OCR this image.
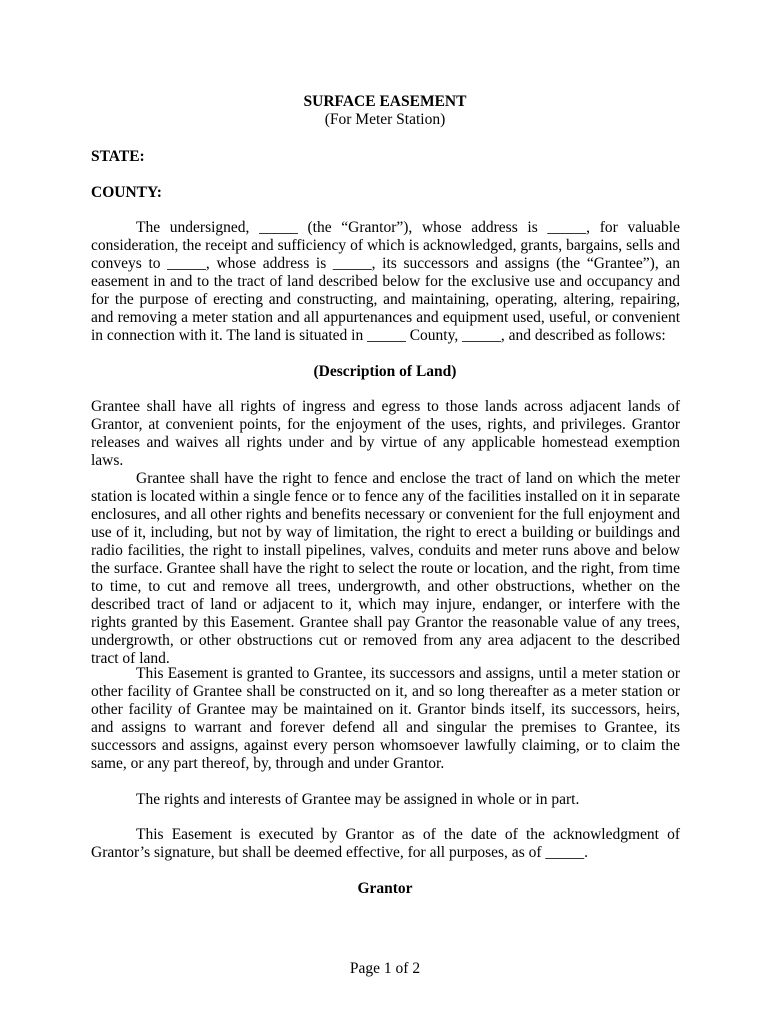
SURFACE EASEMENT
(For Meter Station)
STATE:
COUNTY:

The undersigned, _____ (the “Grantor”), whose address is _____, for valuable consideration, the receipt and sufficiency of which is acknowledged, grants, bargains, sells and conveys to _____, whose address is _____, its successors and assigns (the “Grantee”), an easement in and to the tract of land described below for the exclusive use and occupancy and for the purpose of erecting and constructing, and maintaining, operating, altering, repairing, and removing a meter station and all appurtenances and equipment used, useful, or convenient in connection with it. The land is situated in _____ County, _____, and described as follows:

(Description of Land)

Grantee shall have all rights of ingress and egress to those lands across adjacent lands of Grantor, at convenient points, for the enjoyment of the uses, rights, and privileges. Grantor releases and waives all rights under and by virtue of any applicable homestead exemption laws.

Grantee shall have the right to fence and enclose the tract of land on which the meter station is located within a single fence or to fence any of the facilities installed on it in separate enclosures, and all other rights and benefits necessary or convenient for the full enjoyment and use of it, including, but not by way of limitation, the right to erect a building or buildings and radio facilities, the right to install pipelines, valves, conduits and meter runs above and below the surface. Grantee shall have the right to select the route or location, and the right, from time to time, to cut and remove all trees, undergrowth, and other obstructions, whether on the described tract of land or adjacent to it, which may injure, endanger, or interfere with the rights granted by this Easement. Grantee shall pay Grantor the reasonable value of any trees, undergrowth, or other obstructions cut or removed from any area adjacent to the described tract of land.

This Easement is granted to Grantee, its successors and assigns, until a meter station or other facility of Grantee shall be constructed on it, and so long thereafter as a meter station or other facility of Grantee may be maintained on it. Grantor binds itself, its successors, heirs, and assigns to warrant and forever defend all and singular the premises to Grantee, its successors and assigns, against every person whomsoever lawfully claiming, or to claim the same, or any part thereof, by, through and under Grantor.

The rights and interests of Grantee may be assigned in whole or in part.

This Easement is executed by Grantor as of the date of the acknowledgment of Grantor’s signature, but shall be deemed effective, for all purposes, as of _____.

Grantor
Page 1 of 2
